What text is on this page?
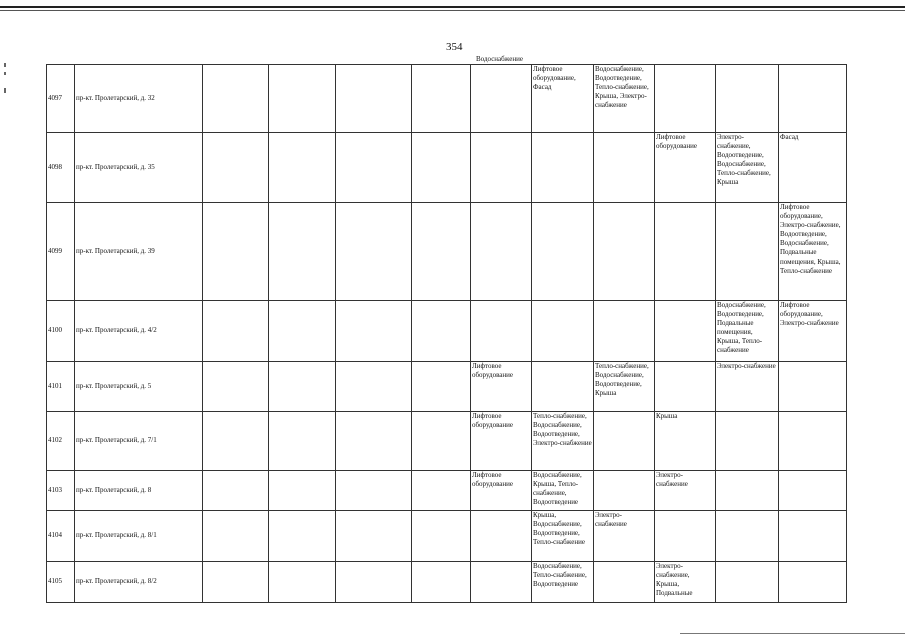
354
Водоснабжение
4097	пр-кт. Пролетарский, д. 32						Лифтовое оборудование, Фасад	Водоснабжение, Водоотведение, Тепло-снабжение, Крыша, Электро-снабжение			
4098	пр-кт. Пролетарский, д. 35								Лифтовое оборудование	Электро-снабжение, Водоотведение, Водоснабжение, Тепло-снабжение, Крыша	Фасад
4099	пр-кт. Пролетарский, д. 39										Лифтовое оборудование, Электро-снабжение, Водоотведение, Водоснабжение, Подвальные помещения, Крыша, Тепло-снабжение
4100	пр-кт. Пролетарский, д. 4/2									Водоснабжение, Водоотведение, Подвальные помещения, Крыша, Тепло-снабжение	Лифтовое оборудование, Электро-снабжение
4101	пр-кт. Пролетарский, д. 5					Лифтовое оборудование		Тепло-снабжение, Водоснабжение, Водоотведение, Крыша		Электро-снабжение	
4102	пр-кт. Пролетарский, д. 7/1					Лифтовое оборудование	Тепло-снабжение, Водоснабжение, Водоотведение, Электро-снабжение		Крыша		
4103	пр-кт. Пролетарский, д. 8					Лифтовое оборудование	Водоснабжение, Крыша, Тепло-снабжение, Водоотведение		Электро-снабжение		
4104	пр-кт. Пролетарский, д. 8/1						Крыша, Водоснабжение, Водоотведение, Тепло-снабжение	Электро-снабжение			
4105	пр-кт. Пролетарский, д. 8/2						Водоснабжение, Тепло-снабжение, Водоотведение		Электро-снабжение, Крыша, Подвальные		
